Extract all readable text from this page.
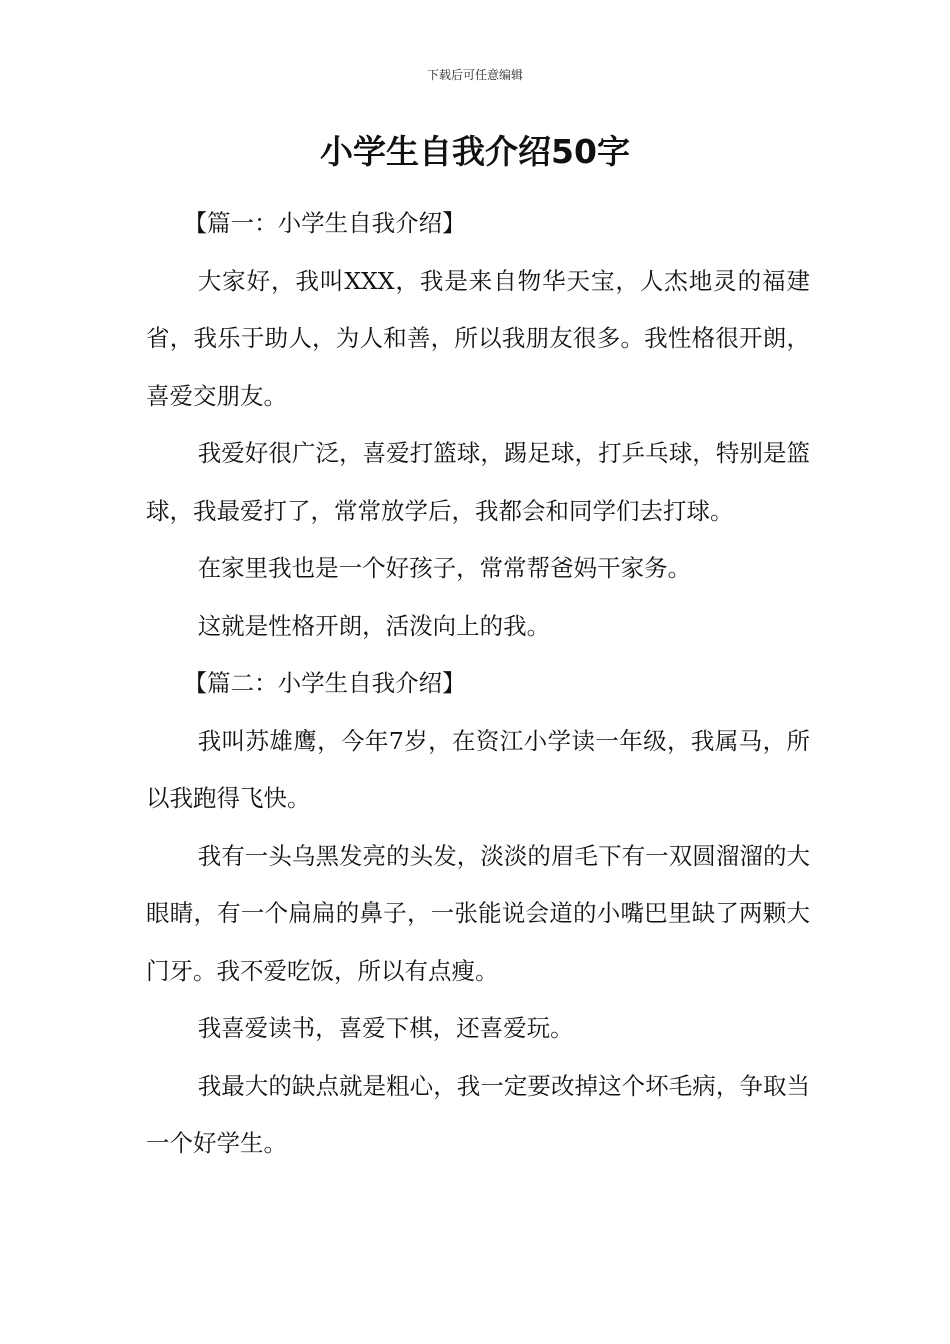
下载后可任意编辑
小学生自我介绍50字

【篇一：小学生自我介绍】

大家好，我叫XXX，我是来自物华天宝，人杰地灵的福建省，我乐于助人，为人和善，所以我朋友很多。我性格很开朗，喜爱交朋友。

我爱好很广泛，喜爱打篮球，踢足球，打乒乓球，特别是篮球，我最爱打了，常常放学后，我都会和同学们去打球。

在家里我也是一个好孩子，常常帮爸妈干家务。

这就是性格开朗，活泼向上的我。

【篇二：小学生自我介绍】

我叫苏雄鹰，今年7岁，在资江小学读一年级，我属马，所以我跑得飞快。

我有一头乌黑发亮的头发，淡淡的眉毛下有一双圆溜溜的大眼睛，有一个扁扁的鼻子，一张能说会道的小嘴巴里缺了两颗大门牙。我不爱吃饭，所以有点瘦。

我喜爱读书，喜爱下棋，还喜爱玩。

我最大的缺点就是粗心，我一定要改掉这个坏毛病，争取当一个好学生。
